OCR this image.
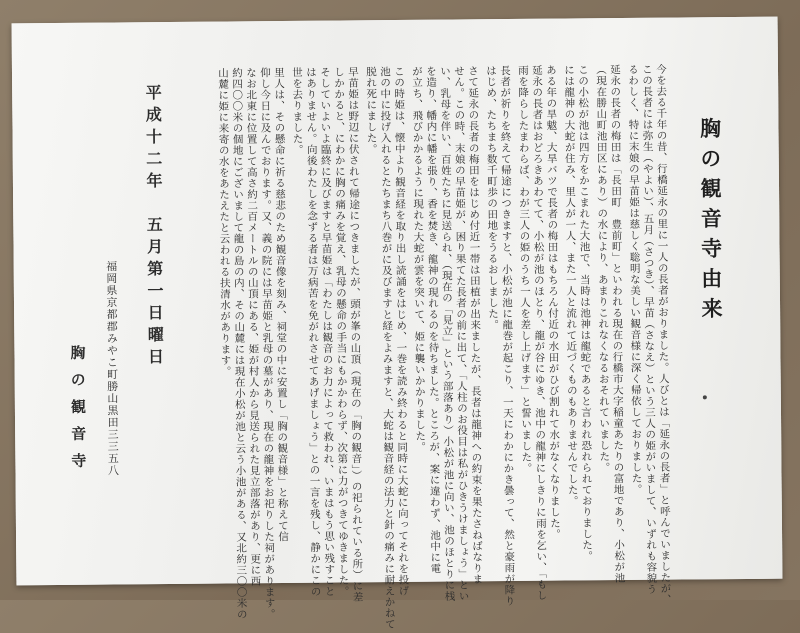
胸の観音寺由来
今を去る千年の昔、行橋延永の里に一人の長者がおりました。人びとは「延永の長者」と呼んでいましたが、
この長者には弥生（やよい）、五月（さつき）、早苗（さなえ）という三人の姫がいまして、いずれも容貌う
るわしく、特に末娘の早苗姫は慈しく聡明な美しい観音様に深く帰依しておりました。
延永の長者の梅田は「長田町　豊前町」といわれる現在の行橋市大字稲童あたりの富地であり、小松が池
（現在勝山町池田区にあり）の水により、あまりこれなくなるおそれていました。
この小松が池は四方をかこまれた大池で、当時は池神は龍蛇であると言われ恐れられておりました。
には龍神の大蛇が住み、里人が一人、また一人と流れて近づくものもありませんでした。
ある年の旱魃、大旱バツで長者の梅田はもちろん付近の水田がひび割れて水がなくなりました。
延永の長者はおどろきあわてて、小松が池のほとり、龍が谷にゆき、池中の龍神にしきりに雨を乞い、「もし
雨を降らしたまわらば、わが三人の姫のうち一人を差し上げます」と誓いました。
長者が祈りを終えて帰途につきますと、小松が池に龍巻が起こり、一天にわかにかき曇って、然と豪雨が降り
はじめ、たちまち数千町歩の田地をうるおしました。
さて延永の長者の梅田をはじめ付近一帯は田植が出来ましたが、長者は龍神への約束を果たさねばなりま
せん。この時、末娘の早苗姫が、困り果てた長者の前に出て、「人柱のお役目は私がひきうけましょう」とい
い、乳母を伴い、百姓たちに見送られ、（現在の「見立」という部落あり）小松が池に向い、池のほとりに桟
を造り、幡内に幡を張り、香を焚き、龍神の現れるのを待ちました。ところが、案に違わず、池中に電
が立ち、飛びかかるように現れた大蛇が雲を突いて、姫に襲いかかりました。
この時姫は、懐中より観音経を取り出し読誦をはじめ、一巻を読み終わると同時に大蛇に向ってそれを投げ
池の中に投げ入れるとたちまち八巻がに及びますと経をよみますと、大蛇は観音経の法力と針の痛みに耐えかねて
脱れ死にました。
早苗姫は野辺に伏されて帰途につきましたが、頭が峯の山頂（現在の「胸の観音」）の祀られている所）に差
しかかると、にわかに胸の痛みを覚え、乳母の懸命の手当にもかかわらず、次第に力がつきてゆきました。
そしていよいよ臨終に及びますと早苗姫は「わたしは観音のお力によって救われ、いまはもう思い残すこと
はありません。向後わたしを念ずる者は万病苦を免がれさせてあげましょう」との一言を残し、静かにこの
世を去りました。
里人は、その懸命に祈る慈悲のため観音像を刻み、祠堂の中に安置し「胸の観音様」と称えて信
仰し今日に及んでおります。又、義の院には早苗姫と乳母の墓があり、現在の龍神をお祀りした祠があります。
なお北東に位置して高さ約二百メートルの山頂にある、姫が村人から見送られた見立部落があり、更に西
約四〇〇米の個地にございまして龍の島の内、その山麓には現在小松が池と云う小池がある、又北約三〇〇米の
山麓に姫に来寄の水をあたえたと云われる扶清水があります。
平成十二年　五月第一日曜日
福岡県京都郡みやこ町勝山黒田三三五八
胸の観音寺
